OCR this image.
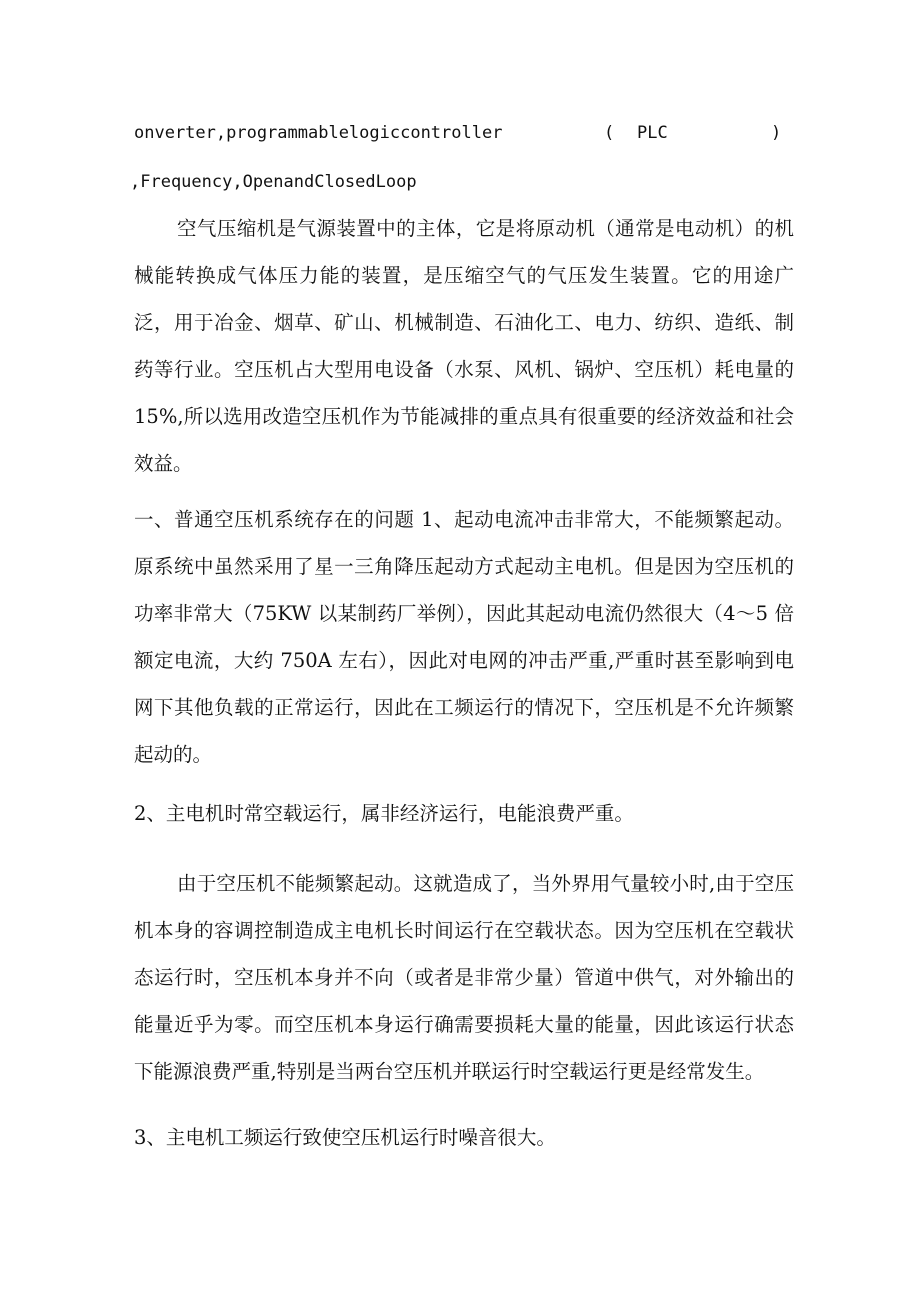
onverter,programmablelogiccontroller	( PLC	)
,Frequency,OpenandClosedLoop

空气压缩机是气源装置中的主体，它是将原动机（通常是电动机）的机械能转换成气体压力能的装置，是压缩空气的气压发生装置。它的用途广泛，用于冶金、烟草、矿山、机械制造、石油化工、电力、纺织、造纸、制药等行业。空压机占大型用电设备（水泵、风机、锅炉、空压机）耗电量的15%,所以选用改造空压机作为节能减排的重点具有很重要的经济效益和社会效益。

一、普通空压机系统存在的问题 1、起动电流冲击非常大，不能频繁起动。原系统中虽然采用了星一三角降压起动方式起动主电机。但是因为空压机的功率非常大（75KW 以某制药厂举例），因此其起动电流仍然很大（4～5 倍额定电流，大约 750A 左右），因此对电网的冲击严重,严重时甚至影响到电网下其他负载的正常运行，因此在工频运行的情况下，空压机是不允许频繁起动的。

2、主电机时常空载运行，属非经济运行，电能浪费严重。

由于空压机不能频繁起动。这就造成了，当外界用气量较小时,由于空压机本身的容调控制造成主电机长时间运行在空载状态。因为空压机在空载状态运行时，空压机本身并不向（或者是非常少量）管道中供气，对外输出的能量近乎为零。而空压机本身运行确需要损耗大量的能量，因此该运行状态下能源浪费严重,特别是当两台空压机并联运行时空载运行更是经常发生。

3、主电机工频运行致使空压机运行时噪音很大。
